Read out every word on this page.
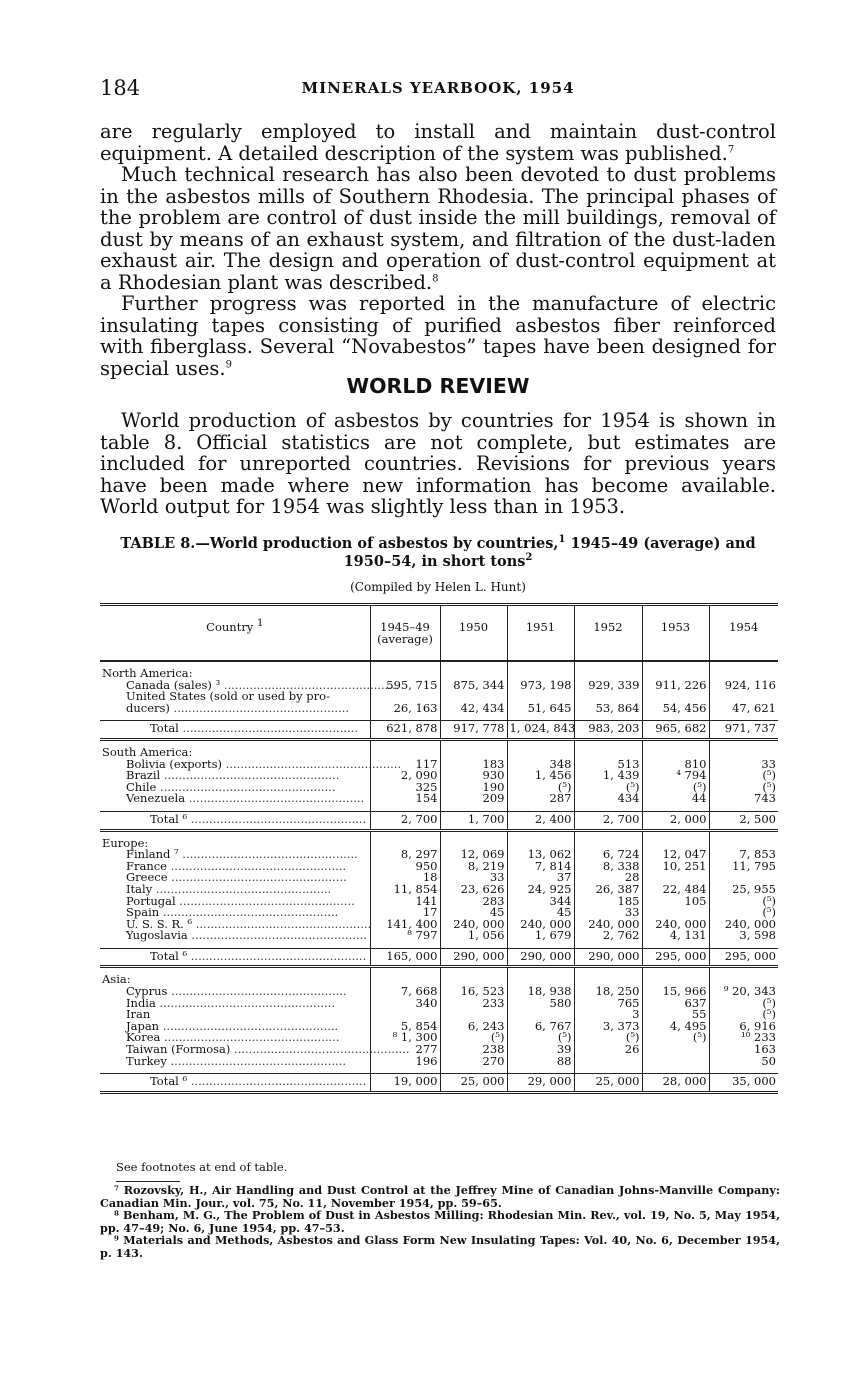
184	MINERALS YEARBOOK, 1954

are regularly employed to install and maintain dust-control equipment. A detailed description of the system was published.$^7$

Much technical research has also been devoted to dust problems in the asbestos mills of Southern Rhodesia. The principal phases of the problem are control of dust inside the mill buildings, removal of dust by means of an exhaust system, and filtration of the dust-laden exhaust air. The design and operation of dust-control equipment at a Rhodesian plant was described.$^8$

Further progress was reported in the manufacture of electric insulating tapes consisting of purified asbestos fiber reinforced with fiberglass. Several “Novabestos” tapes have been designed for special uses.$^9$

WORLD REVIEW

World production of asbestos by countries for 1954 is shown in table 8. Official statistics are not complete, but estimates are included for unreported countries. Revisions for previous years have been made where new information has become available. World output for 1954 was slightly less than in 1953.

TABLE 8.—World production of asbestos by countries,$^1$ 1945–49 (average) and 1950–54, in short tons$^2$
(Compiled by Helen L. Hunt)
Country $^1$	1945–49
(average)	1950	1951	1952	1953	1954

North America:						

Canada (sales) ³ ................................................	595, 715	875, 344	973, 198	929, 339	911, 226	924, 116

United States (sold or used by pro-						

ducers) ................................................	26, 163	42, 434	51, 645	53, 864	54, 456	47, 621

Total ................................................	621, 878	917, 778	1, 024, 843	983, 203	965, 682	971, 737

South America:						

Bolivia (exports) ................................................	117	183	348	513	810	33

Brazil ................................................	2, 090	930	1, 456	1, 439	⁴ 794	(⁵)

Chile ................................................	325	190	(⁵)	(⁵)	(⁵)	(⁵)

Venezuela ................................................	154	209	287	434	44	743

Total ⁶ ................................................	2, 700	1, 700	2, 400	2, 700	2, 000	2, 500

Europe:						

Finland ⁷ ................................................	8, 297	12, 069	13, 062	6, 724	12, 047	7, 853

France ................................................	950	8, 219	7, 814	8, 338	10, 251	11, 795

Greece ................................................	18	33	37	28		

Italy ................................................	11, 854	23, 626	24, 925	26, 387	22, 484	25, 955

Portugal ................................................	141	283	344	185	105	(⁵)

Spain ................................................	17	45	45	33		(⁵)

U. S. S. R. ⁶ ................................................	141, 400	240, 000	240, 000	240, 000	240, 000	240, 000

Yugoslavia ................................................	⁸ 797	1, 056	1, 679	2, 762	4, 131	3, 598

Total ⁶ ................................................	165, 000	290, 000	290, 000	290, 000	295, 000	295, 000

Asia:						

Cyprus ................................................	7, 668	16, 523	18, 938	18, 250	15, 966	⁹ 20, 343

India ................................................	340	233	580	765	637	(⁵)

Iran				3	55	(⁵)

Japan ................................................	5, 854	6, 243	6, 767	3, 373	4, 495	6, 916

Korea ................................................	⁸ 1, 300	(⁵)	(⁵)	(⁵)	(⁵)	¹⁰ 233

Taiwan (Formosa) ................................................	277	238	39	26		163

Turkey ................................................	196	270	88			50

Total ⁶ ................................................	19, 000	25, 000	29, 000	25, 000	28, 000	35, 000
See footnotes at end of table.

⁷ Rozovsky, H., Air Handling and Dust Control at the Jeffrey Mine of Canadian Johns-Manville Company: Canadian Min. Jour., vol. 75, No. 11, November 1954, pp. 59–65.

⁸ Benham, M. G., The Problem of Dust in Asbestos Milling: Rhodesian Min. Rev., vol. 19, No. 5, May 1954, pp. 47–49; No. 6, June 1954, pp. 47–53.

⁹ Materials and Methods, Asbestos and Glass Form New Insulating Tapes: Vol. 40, No. 6, December 1954, p. 143.
